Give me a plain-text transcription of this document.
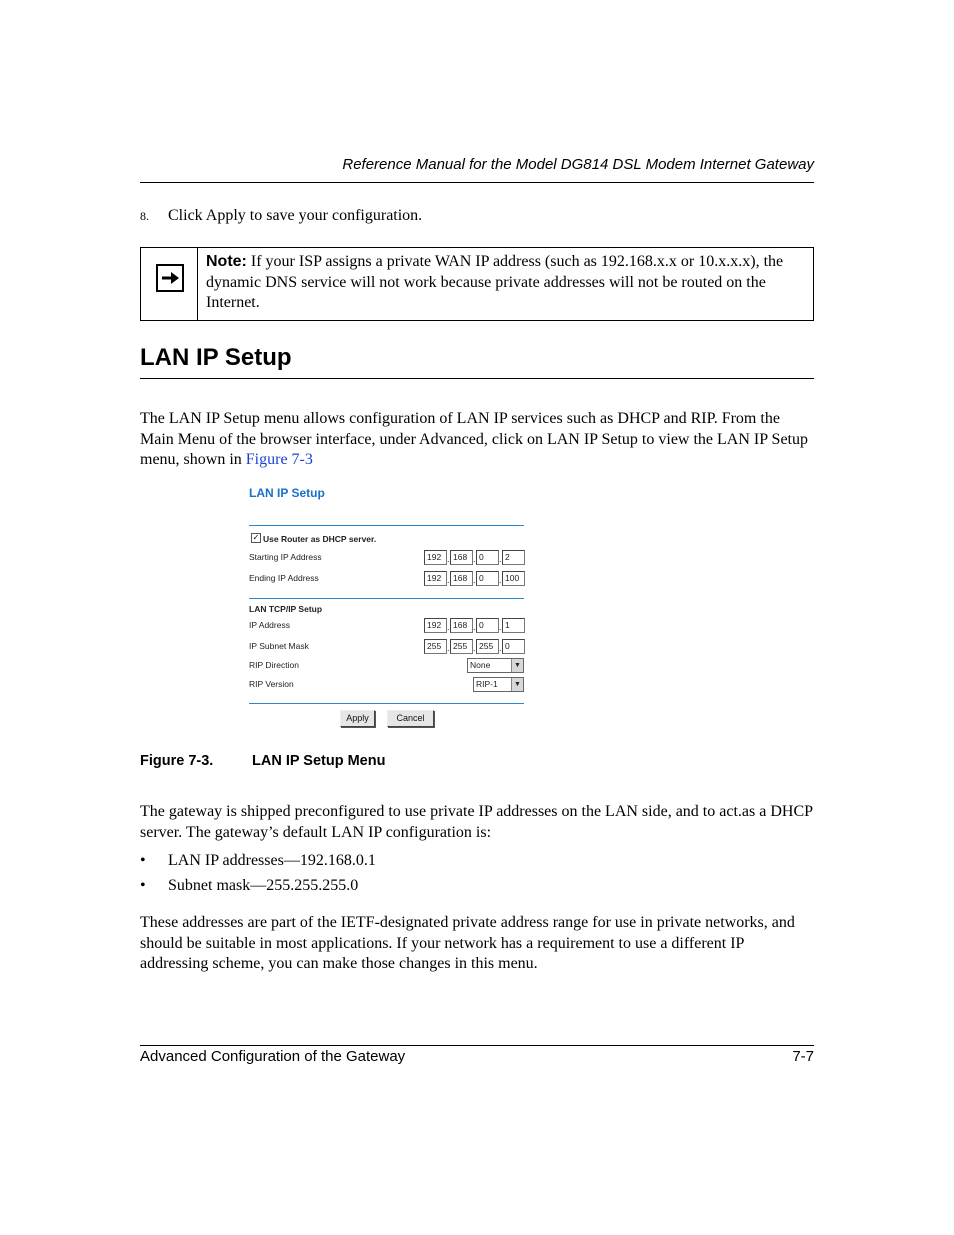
Reference Manual for the Model DG814 DSL Modem Internet Gateway
8. Click Apply to save your configuration.
Note: If your ISP assigns a private WAN IP address (such as 192.168.x.x or 10.x.x.x), the dynamic DNS service will not work because private addresses will not be routed on the Internet.
LAN IP Setup
The LAN IP Setup menu allows configuration of LAN IP services such as DHCP and RIP. From the Main Menu of the browser interface, under Advanced, click on LAN IP Setup to view the LAN IP Setup menu, shown in Figure 7-3
LAN IP Setup
✓ Use Router as DHCP server.
Starting IP Address	192 . 168 . 0	. 2
Ending IP Address	192 . 168 . 0	. 100
LAN TCP/IP Setup
IP Address	192 . 168 . 0	. 1
IP Subnet Mask	255 . 255 . 255 . 0
RIP Direction	None	▼
RIP Version	RIP-1	▼
Apply	Cancel
Figure 7-3.	LAN IP Setup Menu
The gateway is shipped preconfigured to use private IP addresses on the LAN side, and to act.as a DHCP server. The gateway’s default LAN IP configuration is:
• LAN IP addresses—192.168.0.1
• Subnet mask—255.255.255.0
These addresses are part of the IETF-designated private address range for use in private networks, and should be suitable in most applications. If your network has a requirement to use a different IP addressing scheme, you can make those changes in this menu.
Advanced Configuration of the Gateway	7-7
